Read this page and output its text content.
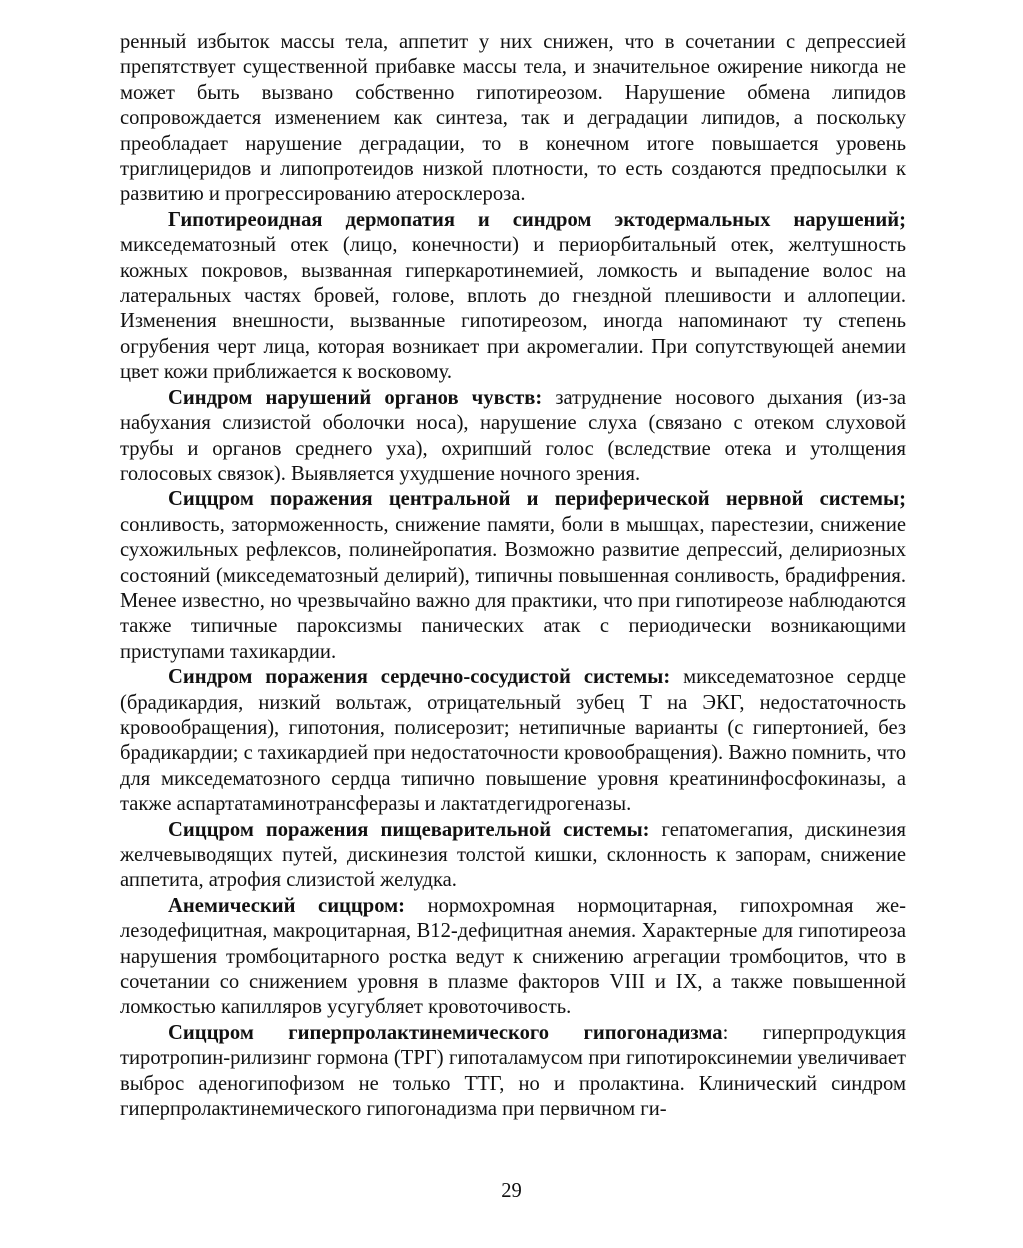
ренный избыток массы тела, аппетит у них снижен, что в сочетании с депрессией препятствует существенной прибавке массы тела, и значительное ожирение никогда не может быть вызвано собственно гипотиреозом. Нарушение обмена липидов сопровождается изменением как синтеза, так и деградации липидов, а поскольку преобладает нарушение деградации, то в конечном итоге повышается уровень триглицеридов и липопротеидов низкой плотности, то есть создаются предпосылки к развитию и прогрессированию атеросклероза.

Гипотиреоидная дермопатия и синдром эктодермальных нарушений; микседематозный отек (лицо, конечности) и периорбитальный отек, желтушность кожных покровов, вызванная гиперкаротинемией, ломкость и выпадение волос на латеральных частях бровей, голове, вплоть до гнездной плешивости и аллопеции. Изменения внешности, вызванные гипотиреозом, иногда напоминают ту степень огрубения черт лица, которая возникает при акромегалии. При сопутствующей анемии цвет кожи приближается к восковому.

Синдром нарушений органов чувств: затруднение носового дыхания (из-за набухания слизистой оболочки носа), нарушение слуха (связано с отеком слуховой трубы и органов среднего уха), охрипший голос (вследствие отека и утолщения голосовых связок). Выявляется ухудшение ночного зрения.

Сиццром поражения центральной и периферической нервной системы; сонливость, заторможенность, снижение памяти, боли в мышцах, парестезии, снижение сухожильных рефлексов, полинейропатия. Возможно развитие депрессий, делириозных состояний (микседематозный делирий), типичны повышенная сонливость, брадифрения. Менее известно, но чрезвычайно важно для практики, что при гипотиреозе наблюдаются также типичные пароксизмы панических атак с периодически возникающими приступами тахикардии.

Синдром поражения сердечно-сосудистой системы: микседематозное сердце (брадикардия, низкий вольтаж, отрицательный зубец Т на ЭКГ, недостаточность кровообращения), гипотония, полисерозит; нетипичные варианты (с гипертонией, без брадикардии; с тахикардией при недостаточности кровообращения). Важно помнить, что для микседематозного сердца типично повышение уровня креатининфосфокиназы, а также аспартатаминотрансферазы и лактатдегидрогеназы.

Сиццром поражения пищеварительной системы: гепатомегапия, дискинезия желчевыводящих путей, дискинезия толстой кишки, склонность к запорам, снижение аппетита, атрофия слизистой желудка.

Анемический сиццром: нормохромная нормоцитарная, гипохромная железодефицитная, макроцитарная, В12-дефицитная анемия. Характерные для гипотиреоза нарушения тромбоцитарного ростка ведут к снижению агрегации тромбоцитов, что в сочетании со снижением уровня в плазме факторов VIII и IX, а также повышенной ломкостью капилляров усугубляет кровоточивость.

Сиццром гиперпролактинемического гипогонадизма: гиперпродукция тиротропин-рилизинг гормона (ТРГ) гипоталамусом при гипотироксинемии увеличивает выброс аденогипофизом не только ТТГ, но и пролактина. Клинический синдром гиперпролактинемического гипогонадизма при первичном ги-

29
